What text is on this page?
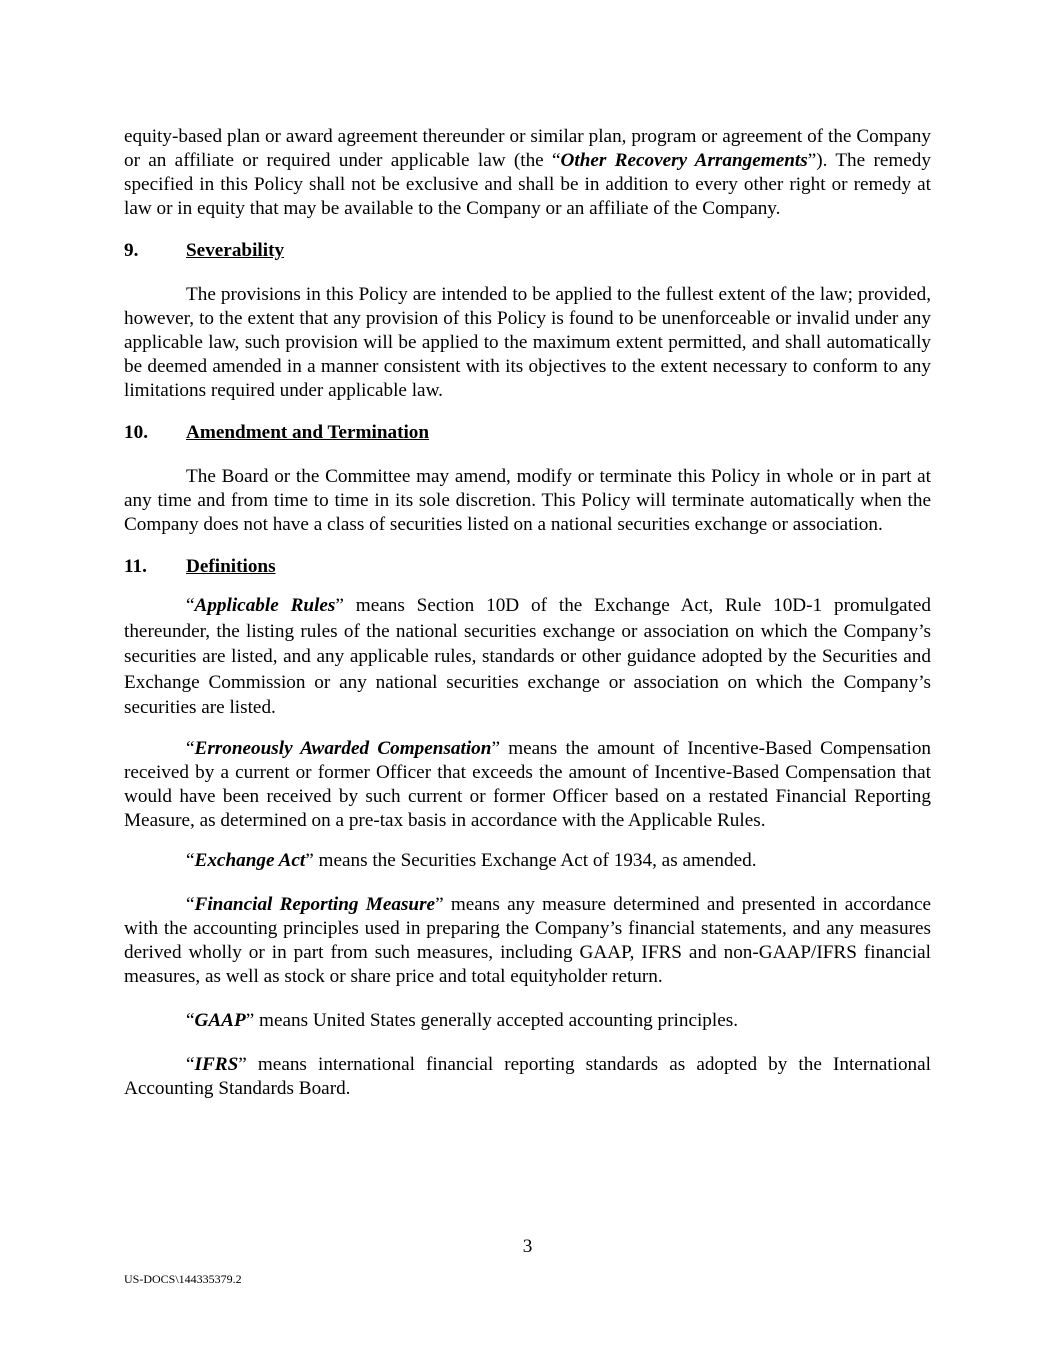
equity-based plan or award agreement thereunder or similar plan, program or agreement of the Company or an affiliate or required under applicable law (the “Other Recovery Arrangements”). The remedy specified in this Policy shall not be exclusive and shall be in addition to every other right or remedy at law or in equity that may be available to the Company or an affiliate of the Company.

9.	Severability

The provisions in this Policy are intended to be applied to the fullest extent of the law; provided, however, to the extent that any provision of this Policy is found to be unenforceable or invalid under any applicable law, such provision will be applied to the maximum extent permitted, and shall automatically be deemed amended in a manner consistent with its objectives to the extent necessary to conform to any limitations required under applicable law.

10.	Amendment and Termination

The Board or the Committee may amend, modify or terminate this Policy in whole or in part at any time and from time to time in its sole discretion. This Policy will terminate automatically when the Company does not have a class of securities listed on a national securities exchange or association.

11.	Definitions

“Applicable Rules” means Section 10D of the Exchange Act, Rule 10D-1 promulgated thereunder, the listing rules of the national securities exchange or association on which the Company’s securities are listed, and any applicable rules, standards or other guidance adopted by the Securities and Exchange Commission or any national securities exchange or association on which the Company’s securities are listed.

“Erroneously Awarded Compensation” means the amount of Incentive-Based Compensation received by a current or former Officer that exceeds the amount of Incentive-Based Compensation that would have been received by such current or former Officer based on a restated Financial Reporting Measure, as determined on a pre-tax basis in accordance with the Applicable Rules.

“Exchange Act” means the Securities Exchange Act of 1934, as amended.

“Financial Reporting Measure” means any measure determined and presented in accordance with the accounting principles used in preparing the Company’s financial statements, and any measures derived wholly or in part from such measures, including GAAP, IFRS and non-GAAP/IFRS financial measures, as well as stock or share price and total equityholder return.

“GAAP” means United States generally accepted accounting principles.

“IFRS” means international financial reporting standards as adopted by the International Accounting Standards Board.

3
US-DOCS\144335379.2
